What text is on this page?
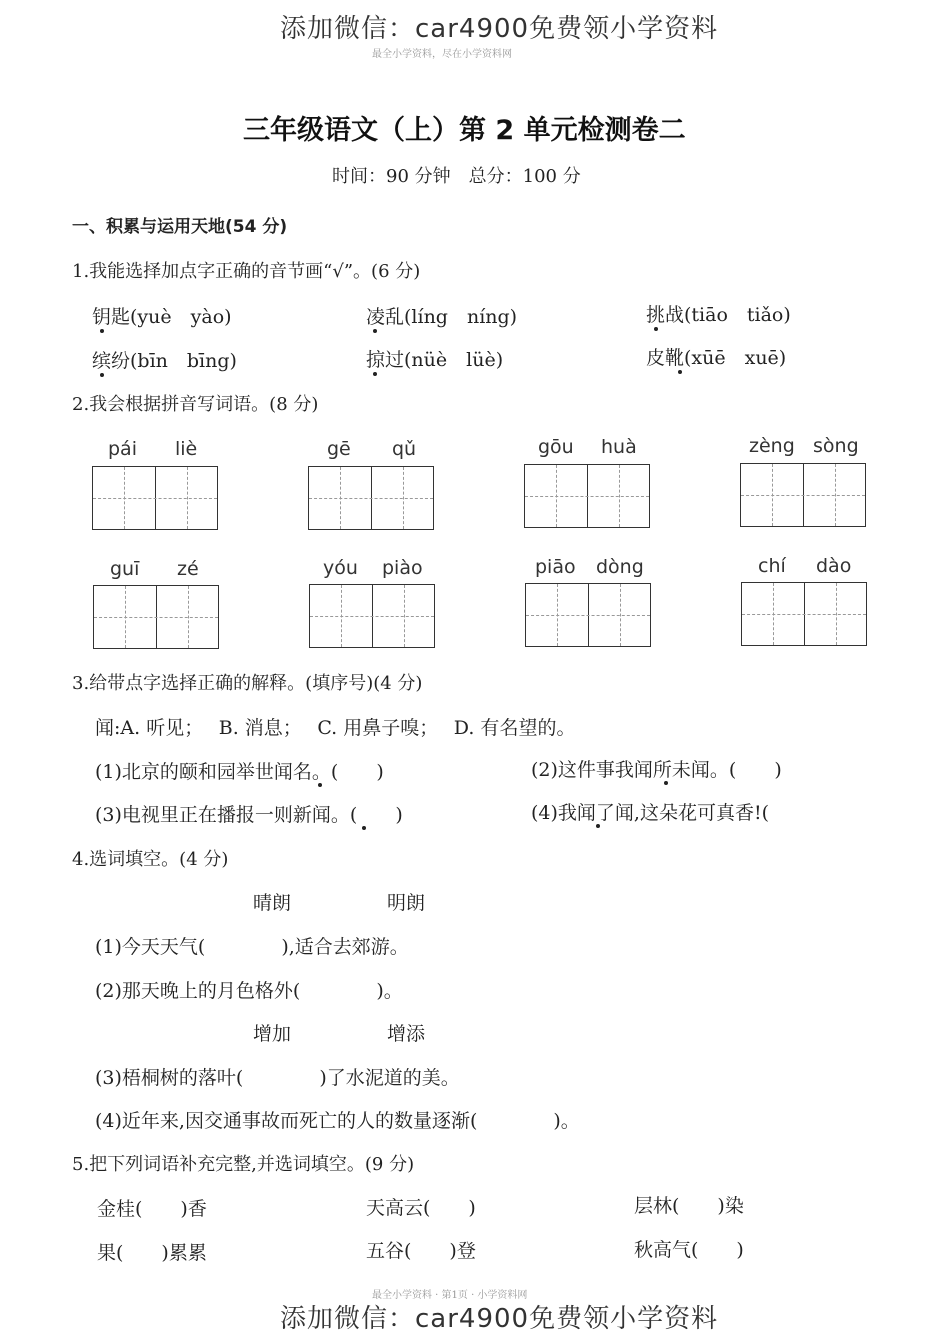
添加微信：car4900免费领小学资料
最全小学资料，尽在小学资料网
三年级语文（上）第 2 单元检测卷二
时间：90 分钟　总分：100 分
一、积累与运用天地(54 分)
1.我能选择加点字正确的音节画“√”。(6 分)
钥匙(yuè　yào)	凌乱(líng　níng)	挑战(tiāo　tiǎo)
缤纷(bīn　bīng)	掠过(nüè　lüè)	皮靴(xūē　xuē)
2.我会根据拼音写词语。(8 分)
pái liè	gē qǔ	gōu huà	zèng sòng
guī zé	yóu piào	piāo dòng	chí dào
3.给带点字选择正确的解释。(填序号)(4 分)
闻:A. 听见；　 B. 消息；　 C. 用鼻子嗅；　 D. 有名望的。
(1)北京的颐和园举世闻名。(　　)	(2)这件事我闻所未闻。(　　)
(3)电视里正在播报一则新闻。(　　)	(4)我闻了闻,这朵花可真香!(
4.选词填空。(4 分)
晴朗	明朗
(1)今天天气(　　　　),适合去郊游。
(2)那天晚上的月色格外(　　　　)。
增加	增添
(3)梧桐树的落叶(　　　　)了水泥道的美。
(4)近年来,因交通事故而死亡的人的数量逐渐(　　　　)。
5.把下列词语补充完整,并选词填空。(9 分)
金桂(　　)香	天高云(　　)	层林(　　)染
果(　　)累累	五谷(　　)登	秋高气(　　)
最全小学资料 · 第1页 · 小学资料网
添加微信：car4900免费领小学资料
